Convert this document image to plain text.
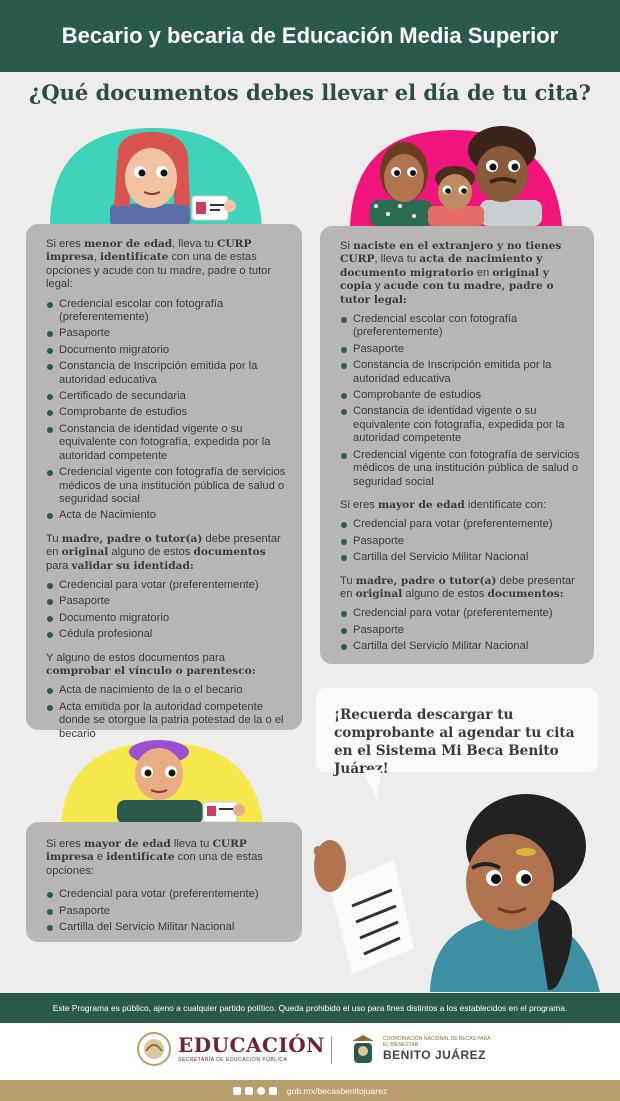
Becario y becaria de Educación Media Superior
¿Qué documentos debes llevar el día de tu cita?

Si eres menor de edad, lleva tu CURP impresa, identifícate con una de estas opciones y acude con tu madre, padre o tutor legal:

Credencial escolar con fotografía (preferentemente)
Pasaporte
Documento migratorio
Constancia de Inscripción emitida por la autoridad educativa
Certificado de secundaria
Comprobante de estudios
Constancia de identidad vigente o su equivalente con fotografía, expedida por la autoridad competente
Credencial vigente con fotografía de servicios médicos de una institución pública de salud o seguridad social
Acta de Nacimiento

Tu madre, padre o tutor(a) debe presentar en original alguno de estos documentos para validar su identidad:

Credencial para votar (preferentemente)
Pasaporte
Documento migratorio
Cédula profesional

Y alguno de estos documentos para comprobar el vínculo o parentesco:

Acta de nacimiento de la o el becario
Acta emitida por la autoridad competente donde se otorgue la patria potestad de la o el becario

Si naciste en el extranjero y no tienes CURP, lleva tu acta de nacimiento y documento migratorio en original y copia y acude con tu madre, padre o tutor legal:

Credencial escolar con fotografía (preferentemente)
Pasaporte
Constancia de Inscripción emitida por la autoridad educativa
Comprobante de estudios
Constancia de identidad vigente o su equivalente con fotografía, expedida por la autoridad competente
Credencial vigente con fotografía de servicios médicos de una institución pública de salud o seguridad social

Si eres mayor de edad identifícate con:

Credencial para votar (preferentemente)
Pasaporte
Cartilla del Servicio Militar Nacional

Tu madre, padre o tutor(a) debe presentar en original alguno de estos documentos:

Credencial para votar (preferentemente)
Pasaporte
Cartilla del Servicio Militar Nacional

Si eres mayor de edad lleva tu CURP impresa e identifícate con una de estas opciones:

Credencial para votar (preferentemente)
Pasaporte
Cartilla del Servicio Militar Nacional
¡Recuerda descargar tu comprobante al agendar tu cita en el Sistema Mi Beca Benito Juárez!
Este Programa es público, ajeno a cualquier partido político. Queda prohibido el uso para fines distintos a los establecidos en el programa.
EDUCACIÓN
SECRETARÍA DE EDUCACIÓN PÚBLICA
COORDINACIÓN NACIONAL DE BECAS PARA EL BIENESTAR
BENITO JUÁREZ
gob.mx/becasbenitojuarez
